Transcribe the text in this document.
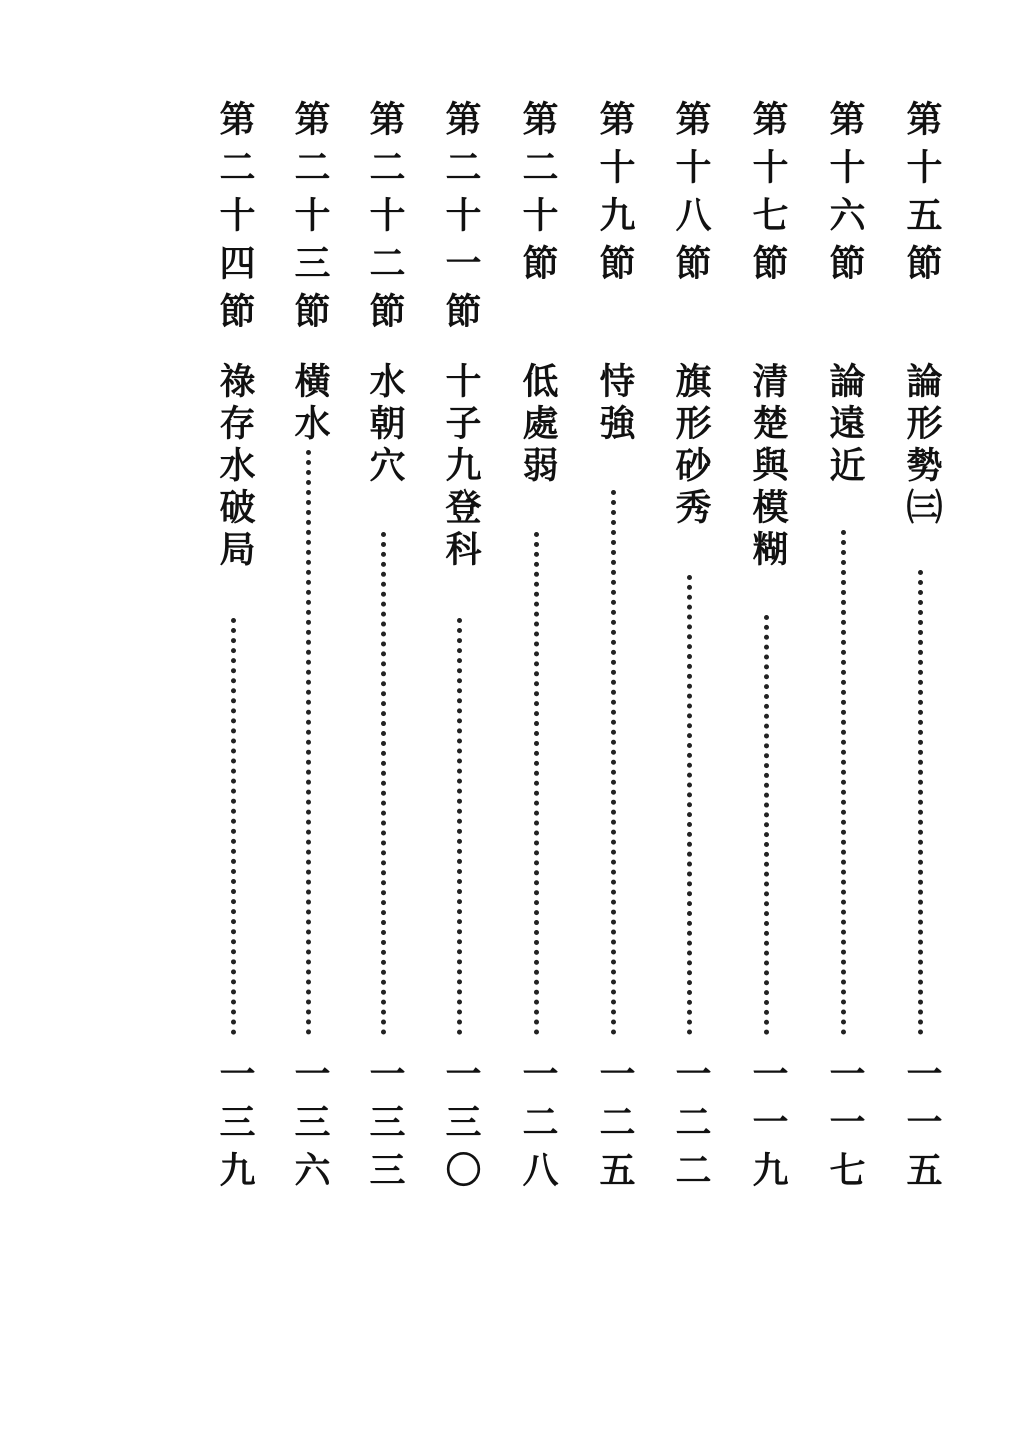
第十五節
論形勢㈢
一一五
第十六節
論遠近
一一七
第十七節
清楚與模糊
一一九
第十八節
旗形砂秀
一二二
第十九節
恃強
一二五
第二十節
低處弱
一二八
第二十一節
十子九登科
一三〇
第二十二節
水朝穴
一三三
第二十三節
橫水
一三六
第二十四節
祿存水破局
一三九
